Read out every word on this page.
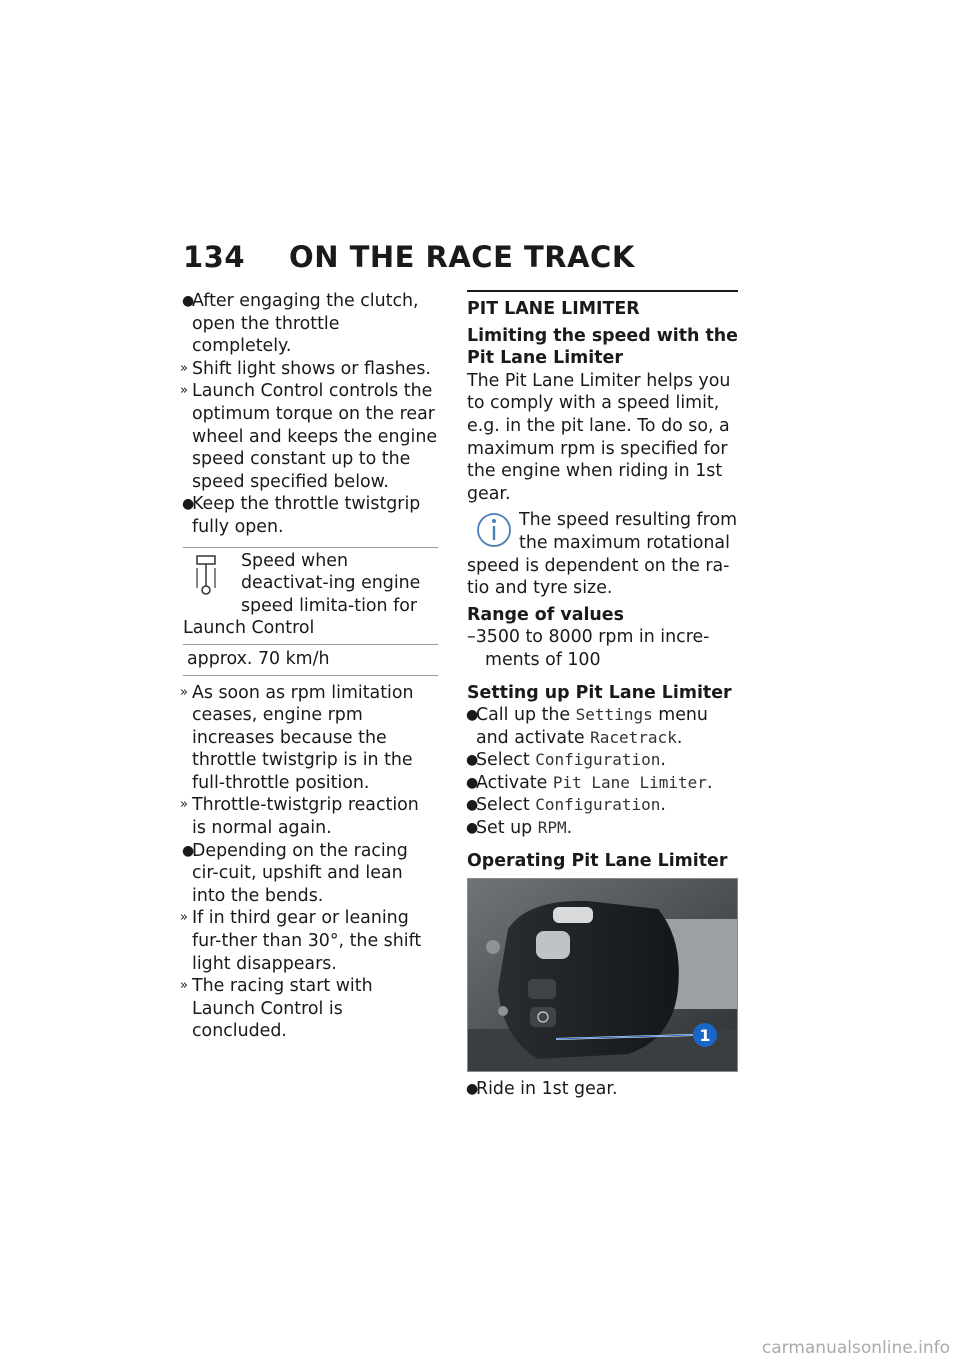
134 ON THE RACE TRACK
●
After engaging the clutch, open the throttle completely.
» Shift light shows or flashes.
» Launch Control controls the optimum torque on the rear wheel and keeps the engine speed constant up to the speed specified below.
●
Keep the throttle twistgrip fully open.
Speed when deactivat-ing engine speed limita-tion for Launch Control
approx. 70 km/h
» As soon as rpm limitation ceases, engine rpm increases because the throttle twistgrip is in the full-throttle position.
» Throttle-twistgrip reaction is normal again.
●
Depending on the racing cir-cuit, upshift and lean into the bends.
» If in third gear or leaning fur-ther than 30°, the shift light disappears.
» The racing start with Launch Control is concluded.
PIT LANE LIMITER
Limiting the speed with the Pit Lane Limiter
The Pit Lane Limiter helps you to comply with a speed limit, e.g. in the pit lane. To do so, a maximum rpm is specified for the engine when riding in 1st gear.
The speed resulting from the maximum rotational speed is dependent on the ra-tio and tyre size.
Range of values
–3500 to 8000 rpm in incre-ments of 100
Setting up Pit Lane Limiter
●
Call up the Settings menu and activate Racetrack.
●
Select Configuration.
●
Activate Pit Lane Limiter.
●
Select Configuration.
●
Set up RPM.
Operating Pit Lane Limiter
1
●
Ride in 1st gear.
carmanualsonline.info
